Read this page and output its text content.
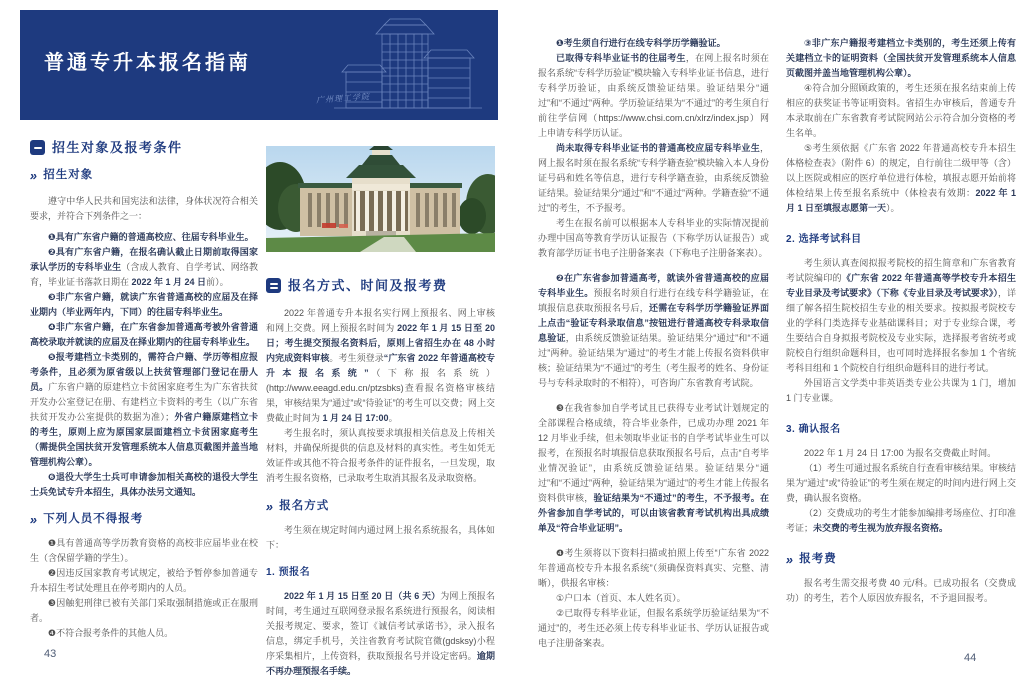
普通专升本报名指南
广州理工学院
招生对象及报考条件
» 招生对象

遵守中华人民共和国宪法和法律，身体状况符合相关要求，并符合下列条件之一：

❶具有广东省户籍的普通高校应、往届专科毕业生。

❷具有广东省户籍，在报名确认截止日期前取得国家承认学历的专科毕业生（含成人教育、自学考试、网络教育，毕业证书落款日期在 2022 年 1 月 24 日前）。

❸非广东省户籍，就读广东省普通高校的应届及在择业期内（毕业两年内，下同）的往届专科毕业生。

❹非广东省户籍，在广东省参加普通高考被外省普通高校录取并就读的应届及在择业期内的往届专科毕业生。

❺报考建档立卡类别的，需符合户籍、学历等相应报考条件，且必须为原省级以上扶贫管理部门登记在册人员。广东省户籍的原建档立卡贫困家庭考生为广东省扶贫开发办公室登记在册、有建档立卡资料的考生（以广东省扶贫开发办公室提供的数据为准）；外省户籍原建档立卡的考生，原则上应为原国家层面建档立卡贫困家庭考生（需提供全国扶贫开发管理系统本人信息页截图并盖当地管理机构公章）。

❻退役大学生士兵可申请参加相关高校的退役大学生士兵免试专升本招生，具体办法另文通知。

» 下列人员不得报考

❶具有普通高等学历教育资格的高校非应届毕业在校生（含保留学籍的学生）。

❷因违反国家教育考试规定，被给予暂停参加普通专升本招生考试处理且在停考期内的人员。

❸因触犯刑律已被有关部门采取强制措施或正在服刑者。

❹不符合报考条件的其他人员。

报名方式、时间及报考费

2022 年普通专升本报名实行网上预报名、网上审核和网上交费。网上预报名时间为 2022 年 1 月 15 日至 20 日；考生提交预报名资料后，原则上省招生办在 48 小时内完成资料审核。考生须登录“广东省 2022 年普通高校专升本报名系统”（下称报名系统）(http://www.eeagd.edu.cn/ptzsbks)查看报名资格审核结果，审核结果为“通过”或“待验证”的考生可以交费；网上交费截止时间为 1 月 24 日 17:00。

考生报名时，须认真按要求填报相关信息及上传相关材料，并确保所提供的信息及材料的真实性。考生如凭无效证件或其他不符合报考条件的证件报名，一旦发现，取消考生报名资格，已录取考生取消其报名及录取资格。

» 报名方式

考生须在规定时间内通过网上报名系统报名，具体如下：

1. 预报名

2022 年 1 月 15 日至 20 日（共 6 天）为网上预报名时间，考生通过互联网登录报名系统进行预报名，阅读相关报考规定、要求，签订《诚信考试承诺书》，录入报名信息，绑定手机号，关注省教育考试院官微(gdsksy)小程序采集相片，上传资料，获取预报名号并设定密码。逾期不再办理预报名手续。

43

❶考生须自行进行在线专科学历学籍验证。

已取得专科毕业证书的往届考生，在网上报名时须在报名系统“专科学历验证”模块输入专科毕业证书信息，进行专科学历验证，由系统反馈验证结果。验证结果分“通过”和“不通过”两种。学历验证结果为“不通过”的考生须自行前往学信网（https://www.chsi.com.cn/xlrz/index.jsp）网上申请专科学历认证。

尚未取得专科毕业证书的普通高校应届专科毕业生，网上报名时须在报名系统“专科学籍查验”模块输入本人身份证号码和姓名等信息，进行专科学籍查验，由系统反馈验证结果。验证结果分“通过”和“不通过”两种。学籍查验“不通过”的考生，不予报考。

考生在报名前可以根据本人专科毕业的实际情况提前办理中国高等教育学历认证报告（下称学历认证报告）或教育部学历证书电子注册备案表（下称电子注册备案表）。

❷在广东省参加普通高考，就读外省普通高校的应届专科毕业生。预报名时须自行进行在线专科学籍验证，在填报信息获取预报名号后，还需在专科学历学籍验证界面上点击“验证专科录取信息”按钮进行普通高校专科录取信息验证，由系统反馈验证结果。验证结果分“通过”和“不通过”两种。验证结果为“通过”的考生才能上传报名资料供审核；验证结果为“不通过”的考生（考生报考的姓名、身份证号与专科录取时的不相符），可咨询广东省教育考试院。

❸在我省参加自学考试且已获得专业考试计划规定的全部课程合格成绩，符合毕业条件，已成功办理 2021 年 12 月毕业手续，但未领取毕业证书的自学考试毕业生可以报考，在预报名时填报信息获取预报名号后，点击“自考毕业情况验证”，由系统反馈验证结果。验证结果分“通过”和“不通过”两种，验证结果为“通过”的考生才能上传报名资料供审核，验证结果为“不通过”的考生，不予报考。在外省参加自学考试的，可以由该省教育考试机构出具成绩单及“符合毕业证明”。

❹考生须将以下资料扫描或拍照上传至“广东省 2022 年普通高校专升本报名系统”（须确保资料真实、完整、清晰），供报名审核：

①户口本（首页、本人姓名页）。

②已取得专科毕业证，但报名系统学历验证结果为“不通过”的，考生还必须上传专科毕业证书、学历认证报告或电子注册备案表。

③非广东户籍报考建档立卡类别的，考生还须上传有关建档立卡的证明资料（全国扶贫开发管理系统本人信息页截图并盖当地管理机构公章）。

④符合加分照顾政策的，考生还须在报名结束前上传相应的获奖证书等证明资料。省招生办审核后，普通专升本录取前在广东省教育考试院网站公示符合加分资格的考生名单。

⑤考生须依据《广东省 2022 年普通高校专升本招生体格检查表》（附件 6）的规定，自行前往二级甲等（含）以上医院或相应的医疗单位进行体检，填报志愿开始前将体检结果上传至报名系统中（体检表有效期：2022 年 1 月 1 日至填报志愿第一天）。

2. 选择考试科目

考生须认真查阅拟报考院校的招生简章和广东省教育考试院编印的《广东省 2022 年普通高等学校专升本招生专业目录及考试要求》（下称《专业目录及考试要求》），详细了解各招生院校招生专业的相关要求。按拟报考院校专业的学科门类选择专业基础课科目；对于专业综合课，考生要结合自身拟报考院校及专业实际，选择报考省统考或院校自行组织命题科目，也可同时选择报名参加 1 个省统考科目组和 1 个院校自行组织命题科目的进行考试。

外国语言文学类中非英语类专业公共课为 1 门，增加 1 门专业课。

3. 确认报名

2022 年 1 月 24 日 17:00 为报名交费截止时间。

（1）考生可通过报名系统自行查看审核结果。审核结果为“通过”或“待验证”的考生须在规定的时间内进行网上交费，确认报名资格。

（2）交费成功的考生才能参加编排考场座位、打印准考证；未交费的考生视为放弃报名资格。

» 报考费

报名考生需交报考费 40 元/科。已成功报名（交费成功）的考生，若个人原因放弃报名，不予退回报考。

44
